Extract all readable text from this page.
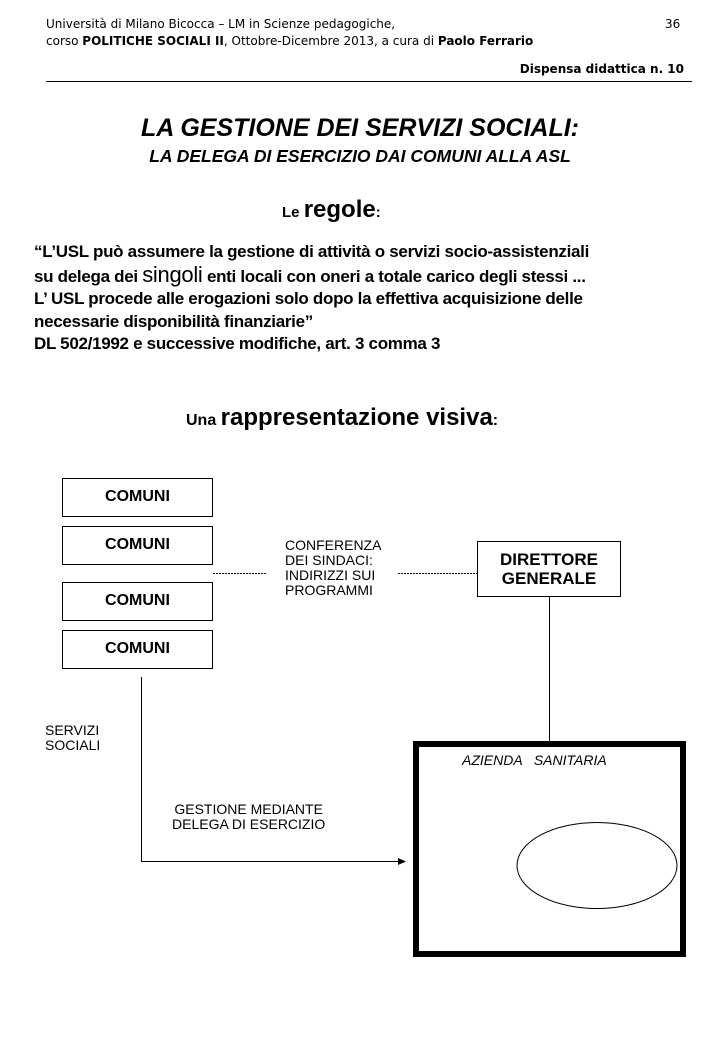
Università di Milano Bicocca – LM in Scienze pedagogiche,	36
corso POLITICHE SOCIALI II, Ottobre-Dicembre 2013, a cura di Paolo Ferrario
Dispensa didattica n. 10
LA GESTIONE DEI SERVIZI SOCIALI:
LA DELEGA DI ESERCIZIO DAI COMUNI ALLA ASL
Le regole:
“L’USL può assumere la gestione di attività o servizi socio-assistenziali
su delega dei singoli enti locali con oneri a totale carico degli stessi ...
L’ USL procede alle erogazioni solo dopo la effettiva acquisizione delle
necessarie disponibilità finanziarie”
DL 502/1992 e successive modifiche, art. 3 comma 3
Una rappresentazione visiva:
COMUNI
COMUNI
COMUNI
COMUNI
CONFERENZA
DEI SINDACI:
INDIRIZZI SUI
PROGRAMMI
DIRETTORE
GENERALE
SERVIZI
SOCIALI
GESTIONE MEDIANTE
DELEGA DI ESERCIZIO
AZIENDA   SANITARIA
